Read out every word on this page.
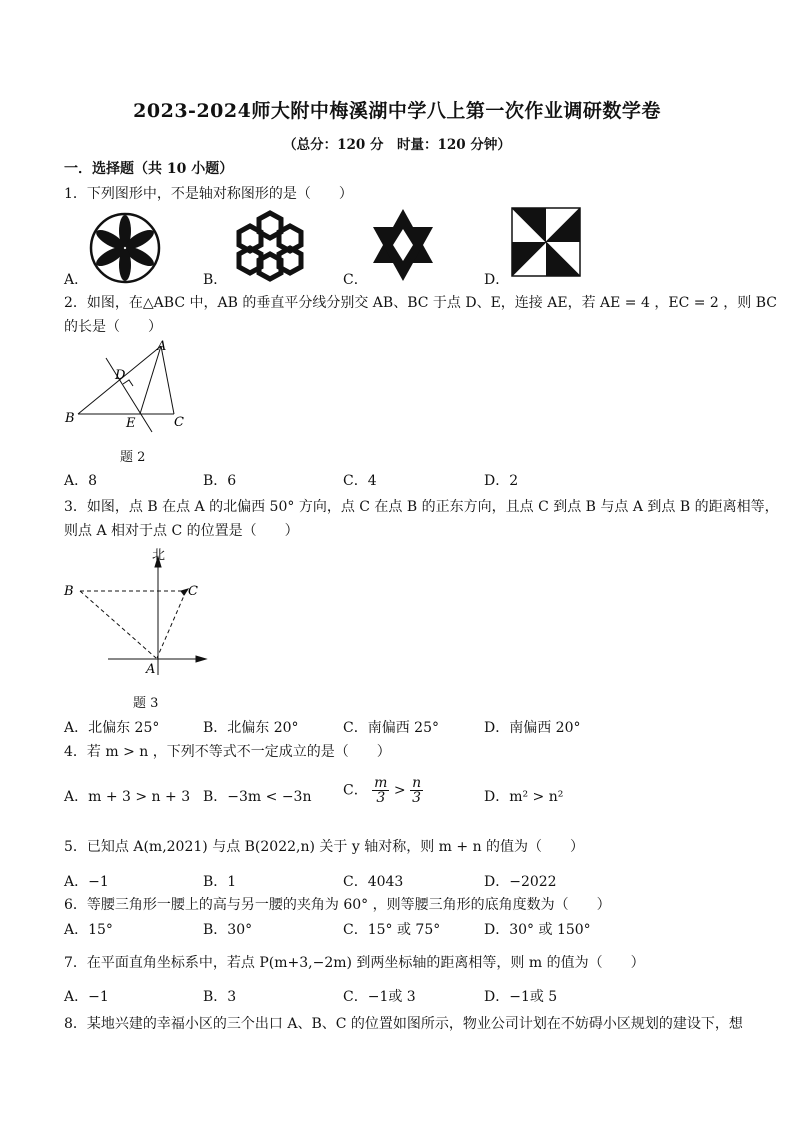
2023-2024师大附中梅溪湖中学八上第一次作业调研数学卷
（总分：120 分　时量：120 分钟）
一．选择题（共 10 小题）
1．下列图形中，不是轴对称图形的是（　　）
A．	B．	C．	D．
2．如图，在△ABC 中，AB 的垂直平分线分别交 AB、BC 于点 D、E，连接 AE，若 AE = 4 ，EC = 2 ，则 BC
的长是（　　）
A
D
B	E	C
题 2
A．8	B．6	C．4	D．2
3．如图，点 B 在点 A 的北偏西 50° 方向，点 C 在点 B 的正东方向，且点 C 到点 B 与点 A 到点 B 的距离相等，
则点 A 相对于点 C 的位置是（　　）
北
B	C
A
题 3
A．北偏东 25°	B．北偏东 20°	C．南偏西 25°	D．南偏西 20°
4．若 m > n ，下列不等式不一定成立的是（　　）
A．m + 3 > n + 3 B．−3m < −3n C． $\frac{m}{3} > \frac{n}{3}$	D．m² > n²
5．已知点 A(m,2021) 与点 B(2022,n) 关于 y 轴对称，则 m + n 的值为（　　）
A．−1	B．1	C．4043	D．−2022
6．等腰三角形一腰上的高与另一腰的夹角为 60° ，则等腰三角形的底角度数为（　　）
A．15°	B．30°	C．15° 或 75°	D．30° 或 150°
7．在平面直角坐标系中，若点 P(m+3,−2m) 到两坐标轴的距离相等，则 m 的值为（　　）
A．−1	B．3	C．−1或 3	D．−1或 5
8．某地兴建的幸福小区的三个出口 A、B、C 的位置如图所示，物业公司计划在不妨碍小区规划的建设下，想
